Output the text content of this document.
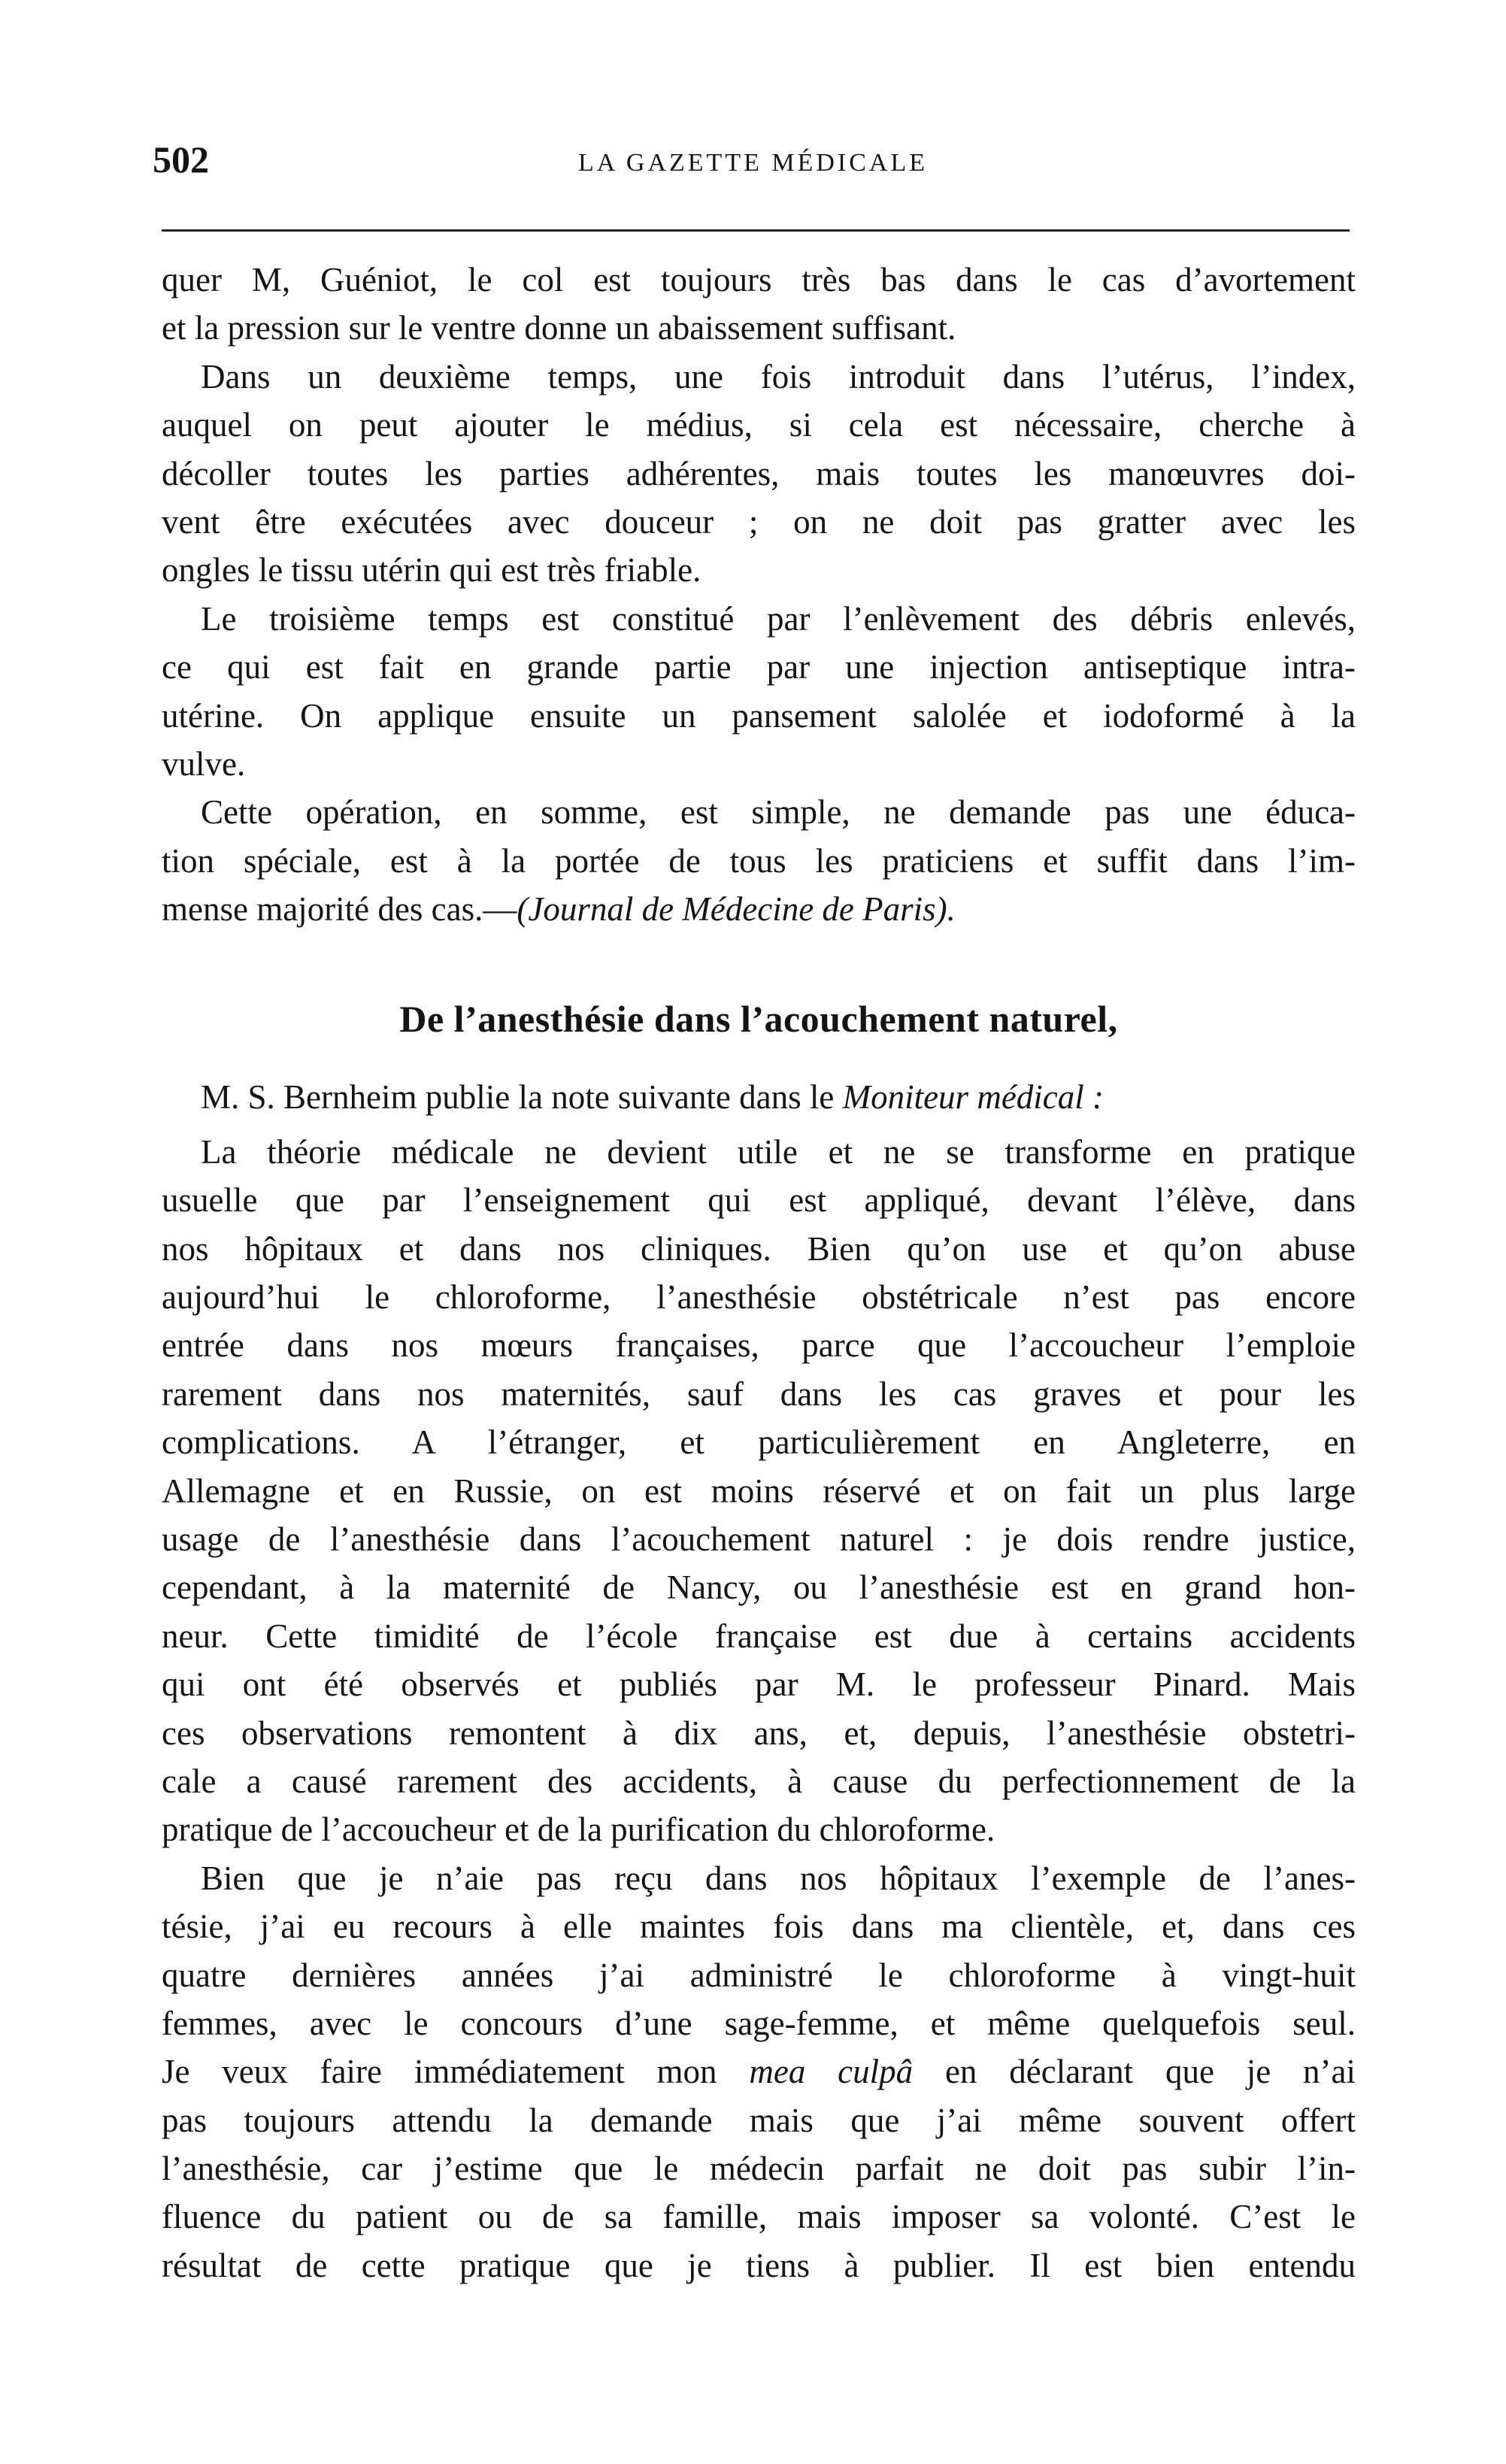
502	LA GAZETTE MÉDICALE
quer M, Guéniot, le col est toujours très bas dans le cas d’avortement
et la pression sur le ventre donne un abaissement suffisant.
Dans un deuxième temps, une fois introduit dans l’utérus, l’index,
auquel on peut ajouter le médius, si cela est nécessaire, cherche à
décoller toutes les parties adhérentes, mais toutes les manœuvres doi-
vent être exécutées avec douceur ; on ne doit pas gratter avec les
ongles le tissu utérin qui est très friable.
Le troisième temps est constitué par l’enlèvement des débris enlevés,
ce qui est fait en grande partie par une injection antiseptique intra-
utérine. On applique ensuite un pansement salolée et iodoformé à la
vulve.
Cette opération, en somme, est simple, ne demande pas une éduca-
tion spéciale, est à la portée de tous les praticiens et suffit dans l’im-
mense majorité des cas.—(Journal de Médecine de Paris).
De l’anesthésie dans l’acouchement naturel,
M. S. Bernheim publie la note suivante dans le Moniteur médical :
La théorie médicale ne devient utile et ne se transforme en pratique
usuelle que par l’enseignement qui est appliqué, devant l’élève, dans
nos hôpitaux et dans nos cliniques. Bien qu’on use et qu’on abuse
aujourd’hui le chloroforme, l’anesthésie obstétricale n’est pas encore
entrée dans nos mœurs françaises, parce que l’accoucheur l’emploie
rarement dans nos maternités, sauf dans les cas graves et pour les
complications. A l’étranger, et particulièrement en Angleterre, en
Allemagne et en Russie, on est moins réservé et on fait un plus large
usage de l’anesthésie dans l’acouchement naturel : je dois rendre justice,
cependant, à la maternité de Nancy, ou l’anesthésie est en grand hon-
neur. Cette timidité de l’école française est due à certains accidents
qui ont été observés et publiés par M. le professeur Pinard. Mais
ces observations remontent à dix ans, et, depuis, l’anesthésie obstetri-
cale a causé rarement des accidents, à cause du perfectionnement de la
pratique de l’accoucheur et de la purification du chloroforme.
Bien que je n’aie pas reçu dans nos hôpitaux l’exemple de l’anes-
tésie, j’ai eu recours à elle maintes fois dans ma clientèle, et, dans ces
quatre dernières années j’ai administré le chloroforme à vingt-huit
femmes, avec le concours d’une sage-femme, et même quelquefois seul.
Je veux faire immédiatement mon mea culpâ en déclarant que je n’ai
pas toujours attendu la demande mais que j’ai même souvent offert
l’anesthésie, car j’estime que le médecin parfait ne doit pas subir l’in-
fluence du patient ou de sa famille, mais imposer sa volonté. C’est le
résultat de cette pratique que je tiens à publier. Il est bien entendu
